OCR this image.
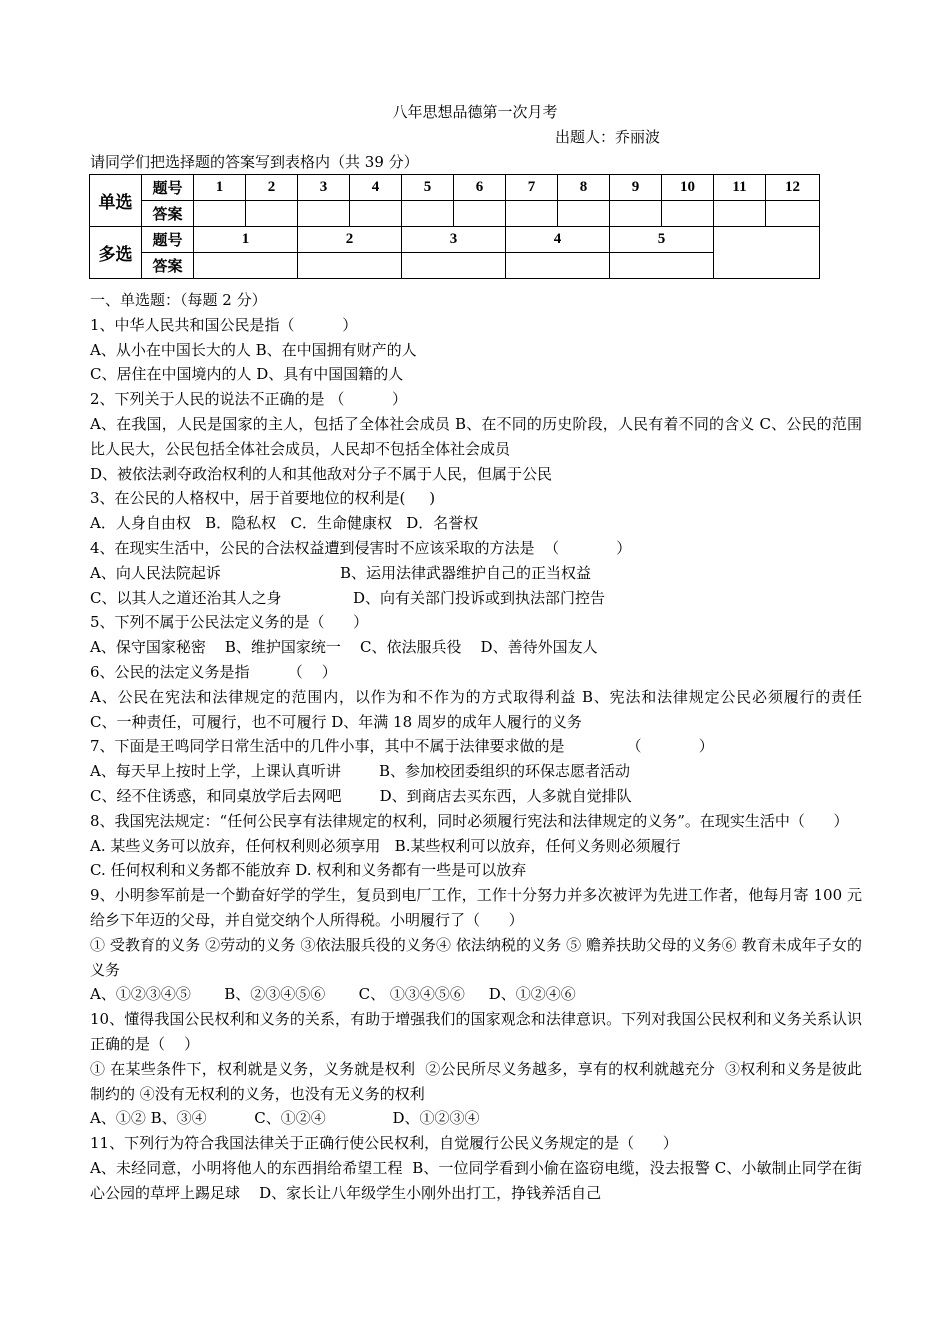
八年思想品德第一次月考
出题人：乔丽波
请同学们把选择题的答案写到表格内（共 39 分）
单选	题号	1	2	3	4	5	6	7	8	9	10	11	12
	答案												
多选	题号	1		2		3		4		5			
	答案												

一、单选题：（每题 2 分）

1、中华人民共和国公民是指（          ）

A、从小在中国长大的人 B、在中国拥有财产的人

C、居住在中国境内的人 D、具有中国国籍的人

2、下列关于人民的说法不正确的是 （          ）

A、在我国，人民是国家的主人，包括了全体社会成员 B、在不同的历史阶段，人民有着不同的含义 C、公民的范围比人民大，公民包括全体社会成员，人民却不包括全体社会成员

D、被依法剥夺政治权利的人和其他敌对分子不属于人民，但属于公民

3、在公民的人格权中，居于首要地位的权利是(     )

A．人身自由权   B．隐私权   C．生命健康权   D．名誉权

4、在现实生活中，公民的合法权益遭到侵害时不应该采取的方法是  （            ）

A、向人民法院起诉                         B、运用法律武器维护自己的正当权益

C、以其人之道还治其人之身               D、向有关部门投诉或到执法部门控告

5、下列不属于公民法定义务的是（      ）

A、保守国家秘密    B、维护国家统一    C、依法服兵役    D、善待外国友人

6、公民的法定义务是指        （    ）

A、公民在宪法和法律规定的范围内，以作为和不作为的方式取得利益 B、宪法和法律规定公民必须履行的责任        C、一种责任，可履行，也不可履行 D、年满 18 周岁的成年人履行的义务

7、下面是王鸣同学日常生活中的几件小事，其中不属于法律要求做的是             （            ）

A、每天早上按时上学，上课认真听讲        B、参加校团委组织的环保志愿者活动

C、经不住诱惑，和同桌放学后去网吧        D、到商店去买东西，人多就自觉排队

8、我国宪法规定：“任何公民享有法律规定的权利，同时必须履行宪法和法律规定的义务”。在现实生活中（      ）

A. 某些义务可以放弃，任何权利则必须享用   B.某些权利可以放弃，任何义务则必须履行

C. 任何权利和义务都不能放弃 D. 权利和义务都有一些是可以放弃

9、小明参军前是一个勤奋好学的学生，复员到电厂工作，工作十分努力并多次被评为先进工作者，他每月寄 100 元给乡下年迈的父母，并自觉交纳个人所得税。小明履行了（      ）

① 受教育的义务 ②劳动的义务 ③依法服兵役的义务④ 依法纳税的义务 ⑤ 赡养扶助父母的义务⑥ 教育未成年子女的义务

A、①②③④⑤       B、②③④⑤⑥       C、 ①③④⑤⑥     D、①②④⑥

10、懂得我国公民权利和义务的关系，有助于增强我们的国家观念和法律意识。下列对我国公民权利和义务关系认识正确的是（    ）

① 在某些条件下，权利就是义务，义务就是权利  ②公民所尽义务越多，享有的权利就越充分  ③权利和义务是彼此制约的 ④没有无权利的义务，也没有无义务的权利

A、①② B、③④          C、①②④              D、①②③④

11、下列行为符合我国法律关于正确行使公民权利，自觉履行公民义务规定的是（      ）

A、未经同意，小明将他人的东西捐给希望工程  B、一位同学看到小偷在盗窃电缆，没去报警 C、小敏制止同学在街心公园的草坪上踢足球    D、家长让八年级学生小刚外出打工，挣钱养活自己
